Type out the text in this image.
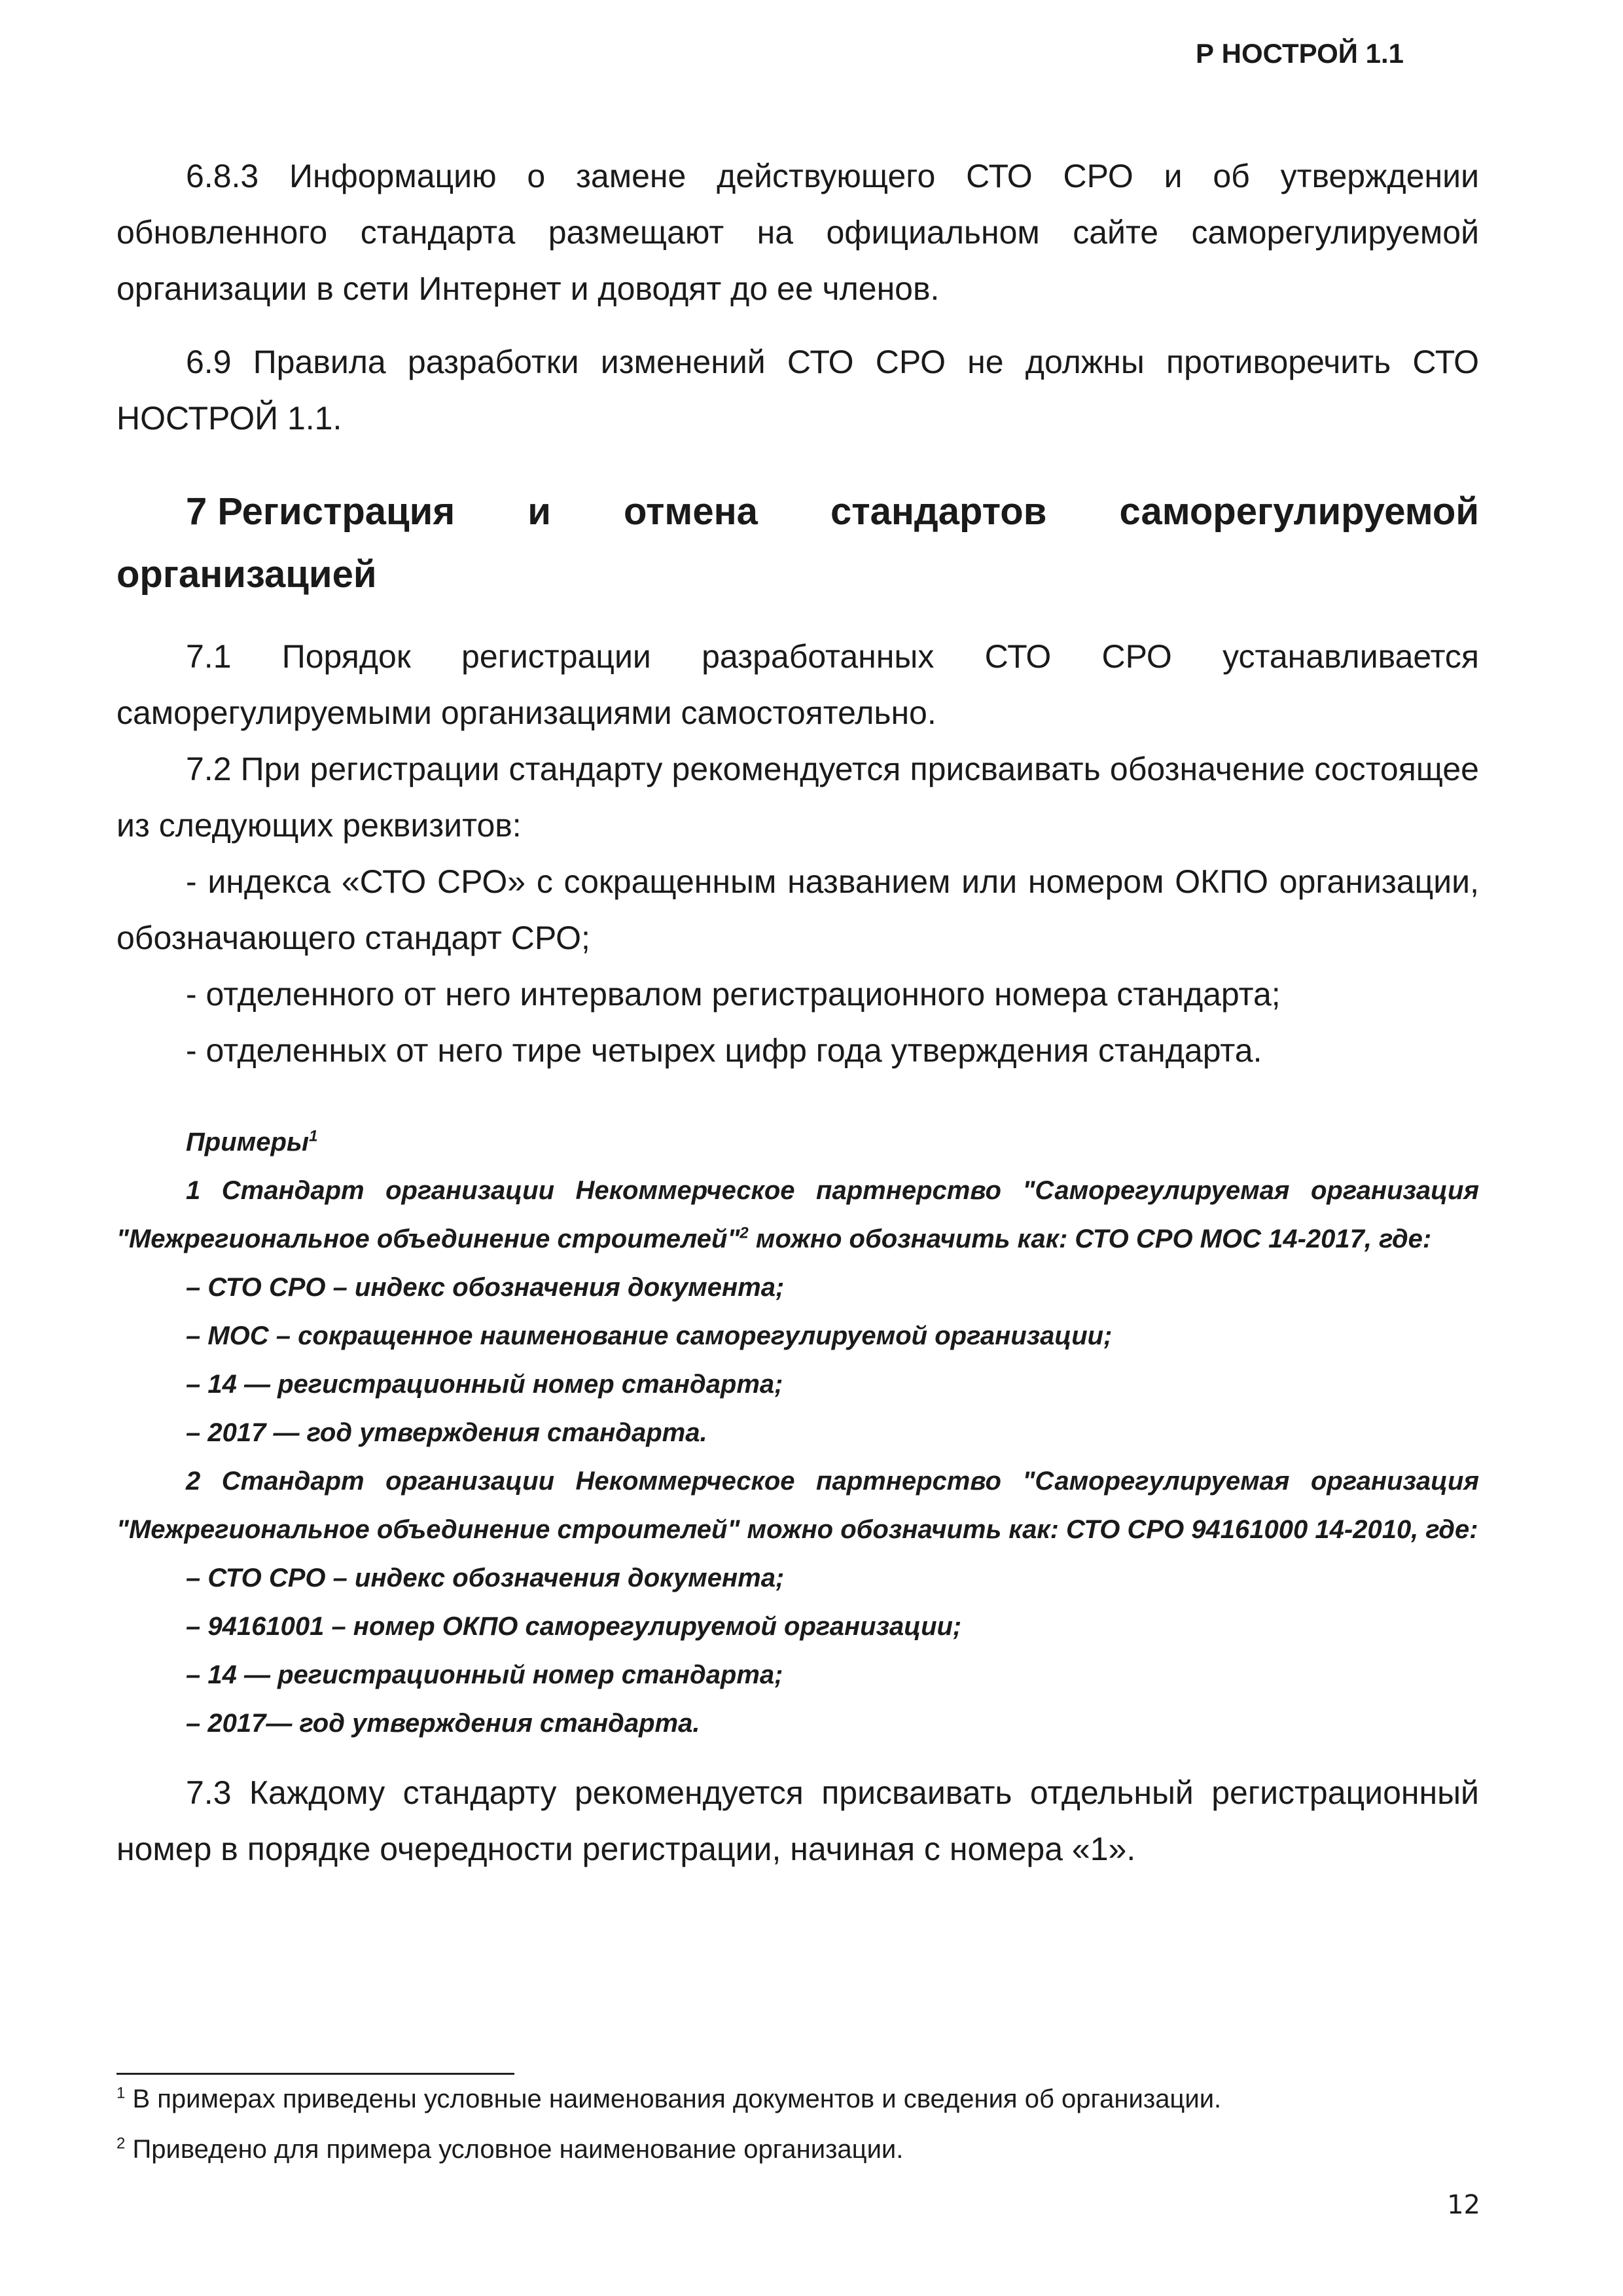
Р НОСТРОЙ 1.1

6.8.3 Информацию о замене действующего СТО СРО и об утверждении обновленного стандарта размещают на официальном сайте саморегулируемой организации в сети Интернет и доводят до ее членов.

6.9 Правила разработки изменений СТО СРО не должны противоречить СТО НОСТРОЙ 1.1.

7 Регистрация и отмена стандартов саморегулируемой
организацией

7.1 Порядок регистрации разработанных СТО СРО устанавливается саморегулируемыми организациями самостоятельно.

7.2 При регистрации стандарту рекомендуется присваивать обозначение состоящее из следующих реквизитов:

- индекса «СТО СРО» с сокращенным названием или номером ОКПО организации, обозначающего стандарт СРО;

- отделенного от него интервалом регистрационного номера стандарта;

- отделенных от него тире четырех цифр года утверждения стандарта.

Примеры$^1$

1 Стандарт организации Некоммерческое партнерство "Саморегулируемая организация "Межрегиональное объединение строителей"$^2$ можно обозначить как: СТО СРО МОС 14-2017, где:

– СТО СРО – индекс обозначения документа;

– МОС – сокращенное наименование саморегулируемой организации;

– 14 — регистрационный номер стандарта;

– 2017 — год утверждения стандарта.

2 Стандарт организации Некоммерческое партнерство "Саморегулируемая организация "Межрегиональное объединение строителей" можно обозначить как: СТО СРО 94161000 14-2010, где:

– СТО СРО – индекс обозначения документа;

– 94161001 – номер ОКПО саморегулируемой организации;

– 14 — регистрационный номер стандарта;

– 2017— год утверждения стандарта.

7.3 Каждому стандарту рекомендуется присваивать отдельный регистрационный номер в порядке очередности регистрации, начиная с номера «1».

$^1$ В примерах приведены условные наименования документов и сведения об организации.
$^2$ Приведено для примера условное наименование организации.
12
